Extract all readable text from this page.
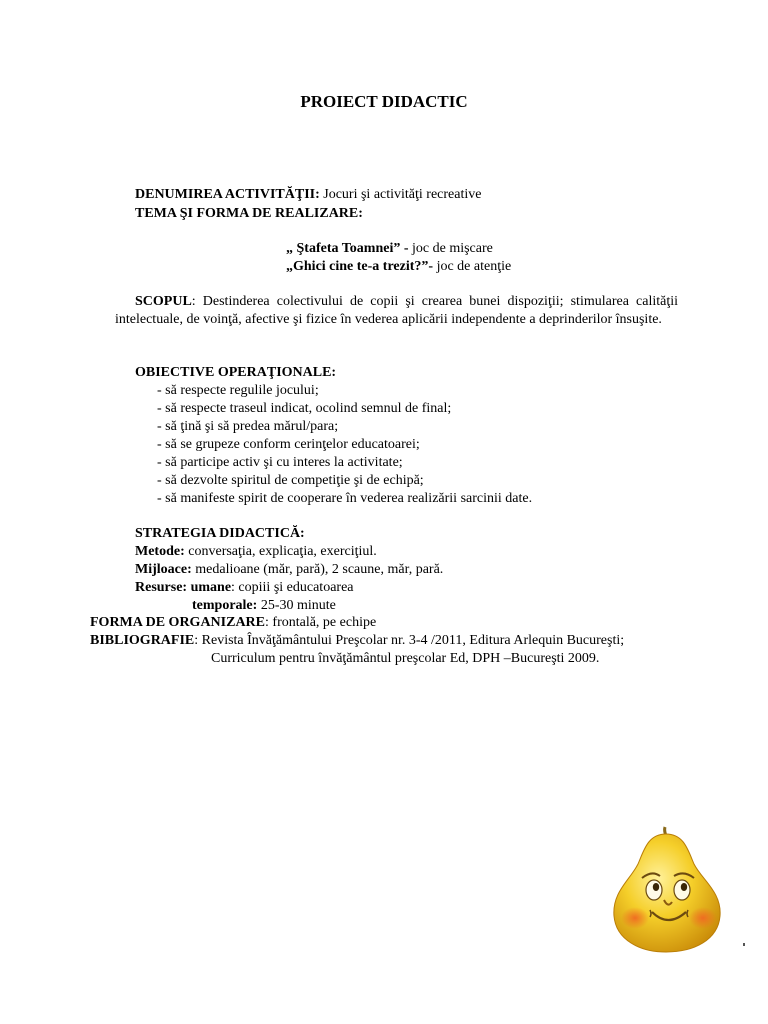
PROIECT DIDACTIC
DENUMIREA ACTIVITĂŢII: Jocuri şi activităţi recreative
TEMA ŞI FORMA DE REALIZARE:
„ Ştafeta Toamnei” - joc de mişcare
„Ghici cine te-a trezit?”- joc de atenţie
SCOPUL: Destinderea colectivului de copii şi crearea bunei dispoziţii; stimularea calităţii intelectuale, de voinţă, afective şi fizice în vederea aplicării independente a deprinderilor însuşite.
OBIECTIVE OPERAŢIONALE:
- să respecte regulile jocului;
- să respecte traseul indicat, ocolind semnul de final;
- să ţină şi să predea mărul/para;
- să se grupeze conform cerinţelor educatoarei;
- să participe activ şi cu interes la activitate;
- să dezvolte spiritul de competiţie şi de echipă;
- să manifeste spirit de cooperare în vederea realizării sarcinii date.
STRATEGIA DIDACTICĂ:
Metode: conversaţia, explicaţia, exerciţiul.
Mijloace: medalioane (măr, pară), 2 scaune, măr, pară.
Resurse: umane: copiii şi educatoarea
temporale: 25-30 minute
FORMA DE ORGANIZARE: frontală, pe echipe
BIBLIOGRAFIE: Revista Învăţământului Preşcolar nr. 3-4 /2011, Editura Arlequin Bucureşti;
Curriculum pentru învăţământul preşcolar Ed, DPH –Bucureşti 2009.
